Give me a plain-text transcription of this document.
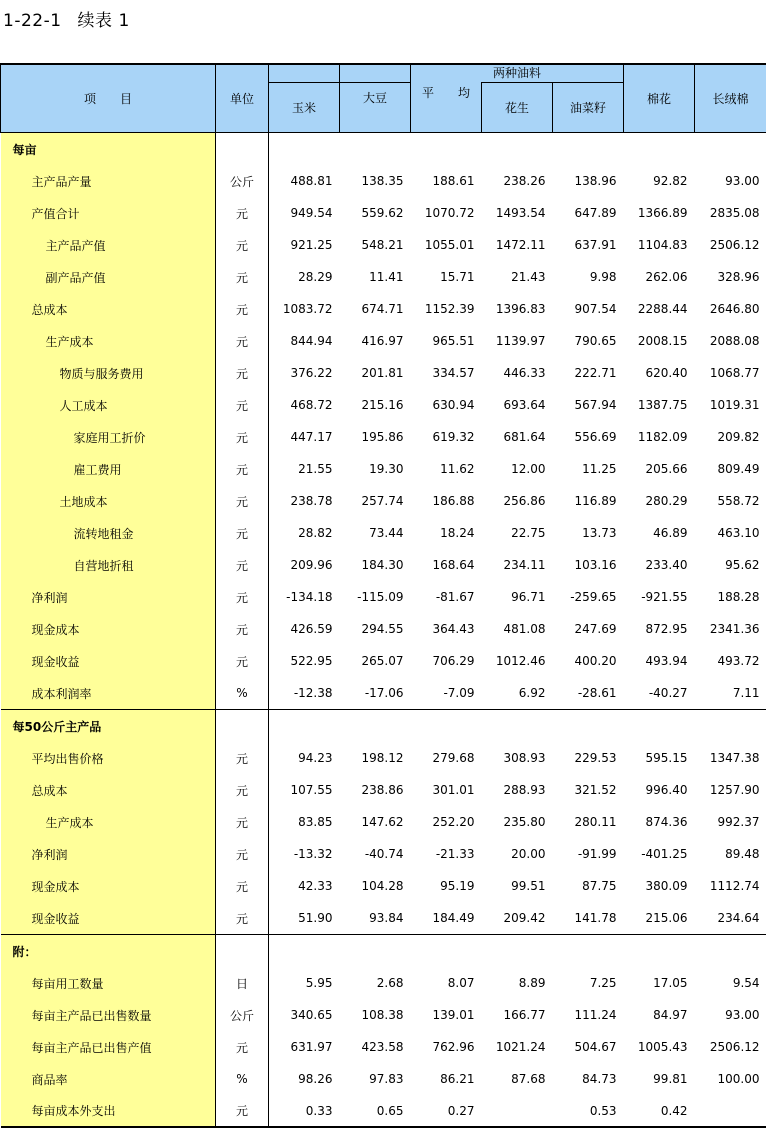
1-22-1 续表 1
项　　目	单位			两种油料			棉花	长绒棉
		玉米	大豆	平　　均	花生	油菜籽		
每亩								
主产品产量	公斤	488.81	138.35	188.61	238.26	138.96	92.82	93.00
产值合计	元	949.54	559.62	1070.72	1493.54	647.89	1366.89	2835.08
主产品产值	元	921.25	548.21	1055.01	1472.11	637.91	1104.83	2506.12
副产品产值	元	28.29	11.41	15.71	21.43	9.98	262.06	328.96
总成本	元	1083.72	674.71	1152.39	1396.83	907.54	2288.44	2646.80
生产成本	元	844.94	416.97	965.51	1139.97	790.65	2008.15	2088.08
物质与服务费用	元	376.22	201.81	334.57	446.33	222.71	620.40	1068.77
人工成本	元	468.72	215.16	630.94	693.64	567.94	1387.75	1019.31
家庭用工折价	元	447.17	195.86	619.32	681.64	556.69	1182.09	209.82
雇工费用	元	21.55	19.30	11.62	12.00	11.25	205.66	809.49
土地成本	元	238.78	257.74	186.88	256.86	116.89	280.29	558.72
流转地租金	元	28.82	73.44	18.24	22.75	13.73	46.89	463.10
自营地折租	元	209.96	184.30	168.64	234.11	103.16	233.40	95.62
净利润	元	-134.18	-115.09	-81.67	96.71	-259.65	-921.55	188.28
现金成本	元	426.59	294.55	364.43	481.08	247.69	872.95	2341.36
现金收益	元	522.95	265.07	706.29	1012.46	400.20	493.94	493.72
成本利润率	%	-12.38	-17.06	-7.09	6.92	-28.61	-40.27	7.11
每50公斤主产品								
平均出售价格	元	94.23	198.12	279.68	308.93	229.53	595.15	1347.38
总成本	元	107.55	238.86	301.01	288.93	321.52	996.40	1257.90
生产成本	元	83.85	147.62	252.20	235.80	280.11	874.36	992.37
净利润	元	-13.32	-40.74	-21.33	20.00	-91.99	-401.25	89.48
现金成本	元	42.33	104.28	95.19	99.51	87.75	380.09	1112.74
现金收益	元	51.90	93.84	184.49	209.42	141.78	215.06	234.64
附：								
每亩用工数量	日	5.95	2.68	8.07	8.89	7.25	17.05	9.54
每亩主产品已出售数量	公斤	340.65	108.38	139.01	166.77	111.24	84.97	93.00
每亩主产品已出售产值	元	631.97	423.58	762.96	1021.24	504.67	1005.43	2506.12
商品率	%	98.26	97.83	86.21	87.68	84.73	99.81	100.00
每亩成本外支出	元	0.33	0.65	0.27		0.53	0.42	
